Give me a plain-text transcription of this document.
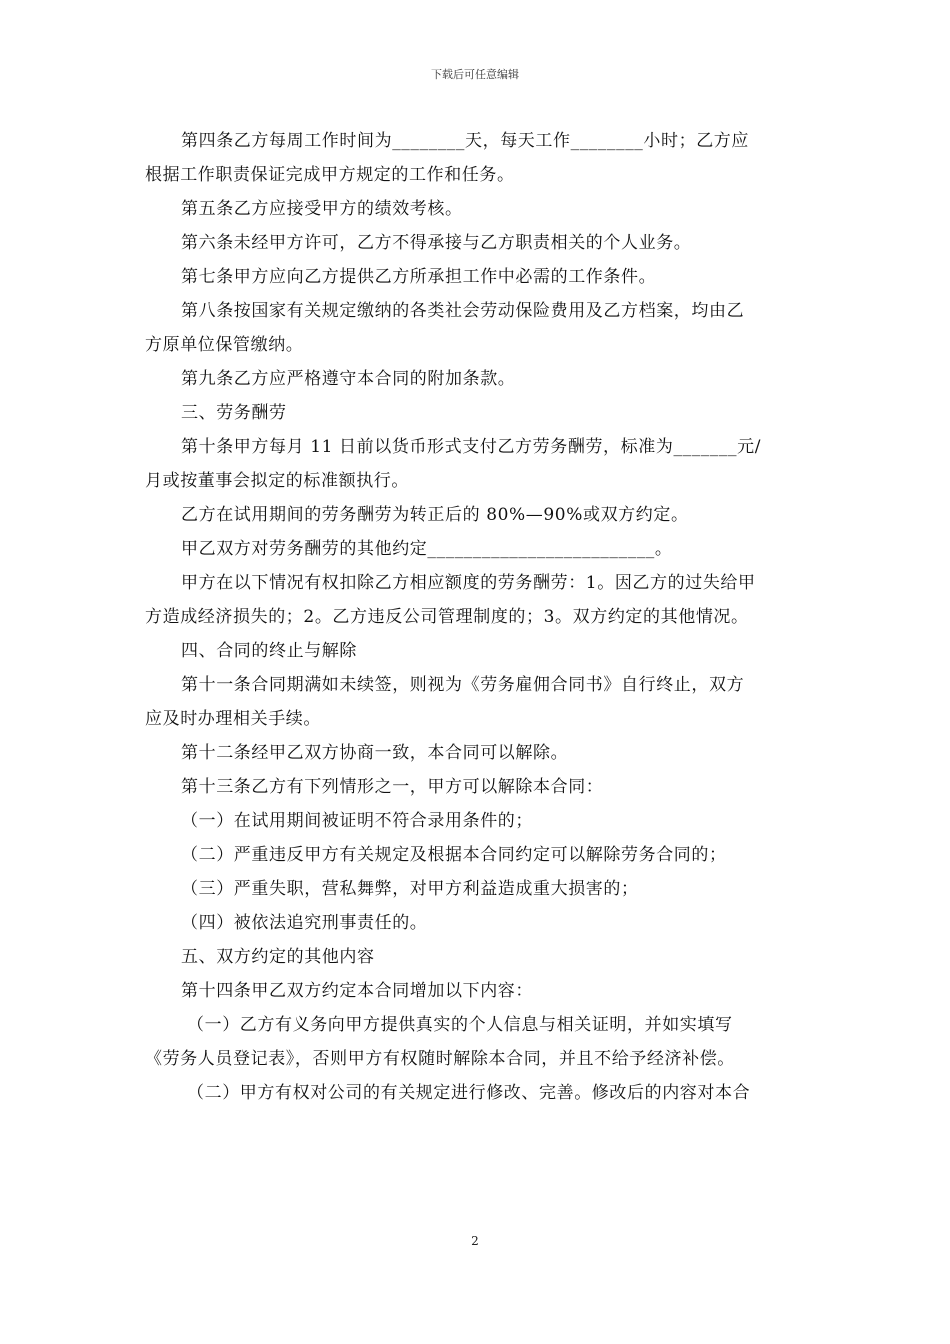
下载后可任意编辑

第四条乙方每周工作时间为________天，每天工作________小时；乙方应
根据工作职责保证完成甲方规定的工作和任务。

第五条乙方应接受甲方的绩效考核。

第六条未经甲方许可，乙方不得承接与乙方职责相关的个人业务。

第七条甲方应向乙方提供乙方所承担工作中必需的工作条件。

第八条按国家有关规定缴纳的各类社会劳动保险费用及乙方档案，均由乙
方原单位保管缴纳。

第九条乙方应严格遵守本合同的附加条款。

三、劳务酬劳

第十条甲方每月 11 日前以货币形式支付乙方劳务酬劳，标准为_______元/
月或按董事会拟定的标准额执行。

乙方在试用期间的劳务酬劳为转正后的 80%—90%或双方约定。

甲乙双方对劳务酬劳的其他约定_________________________。

甲方在以下情况有权扣除乙方相应额度的劳务酬劳：1。因乙方的过失给甲
方造成经济损失的；2。乙方违反公司管理制度的；3。双方约定的其他情况。

四、合同的终止与解除

第十一条合同期满如未续签，则视为《劳务雇佣合同书》自行终止，双方
应及时办理相关手续。

第十二条经甲乙双方协商一致，本合同可以解除。

第十三条乙方有下列情形之一，甲方可以解除本合同：

（一）在试用期间被证明不符合录用条件的；

（二）严重违反甲方有关规定及根据本合同约定可以解除劳务合同的；

（三）严重失职，营私舞弊，对甲方利益造成重大损害的；

（四）被依法追究刑事责任的。

五、双方约定的其他内容

第十四条甲乙双方约定本合同增加以下内容：

（一）乙方有义务向甲方提供真实的个人信息与相关证明，并如实填写
《劳务人员登记表》，否则甲方有权随时解除本合同，并且不给予经济补偿。

（二）甲方有权对公司的有关规定进行修改、完善。修改后的内容对本合

2
